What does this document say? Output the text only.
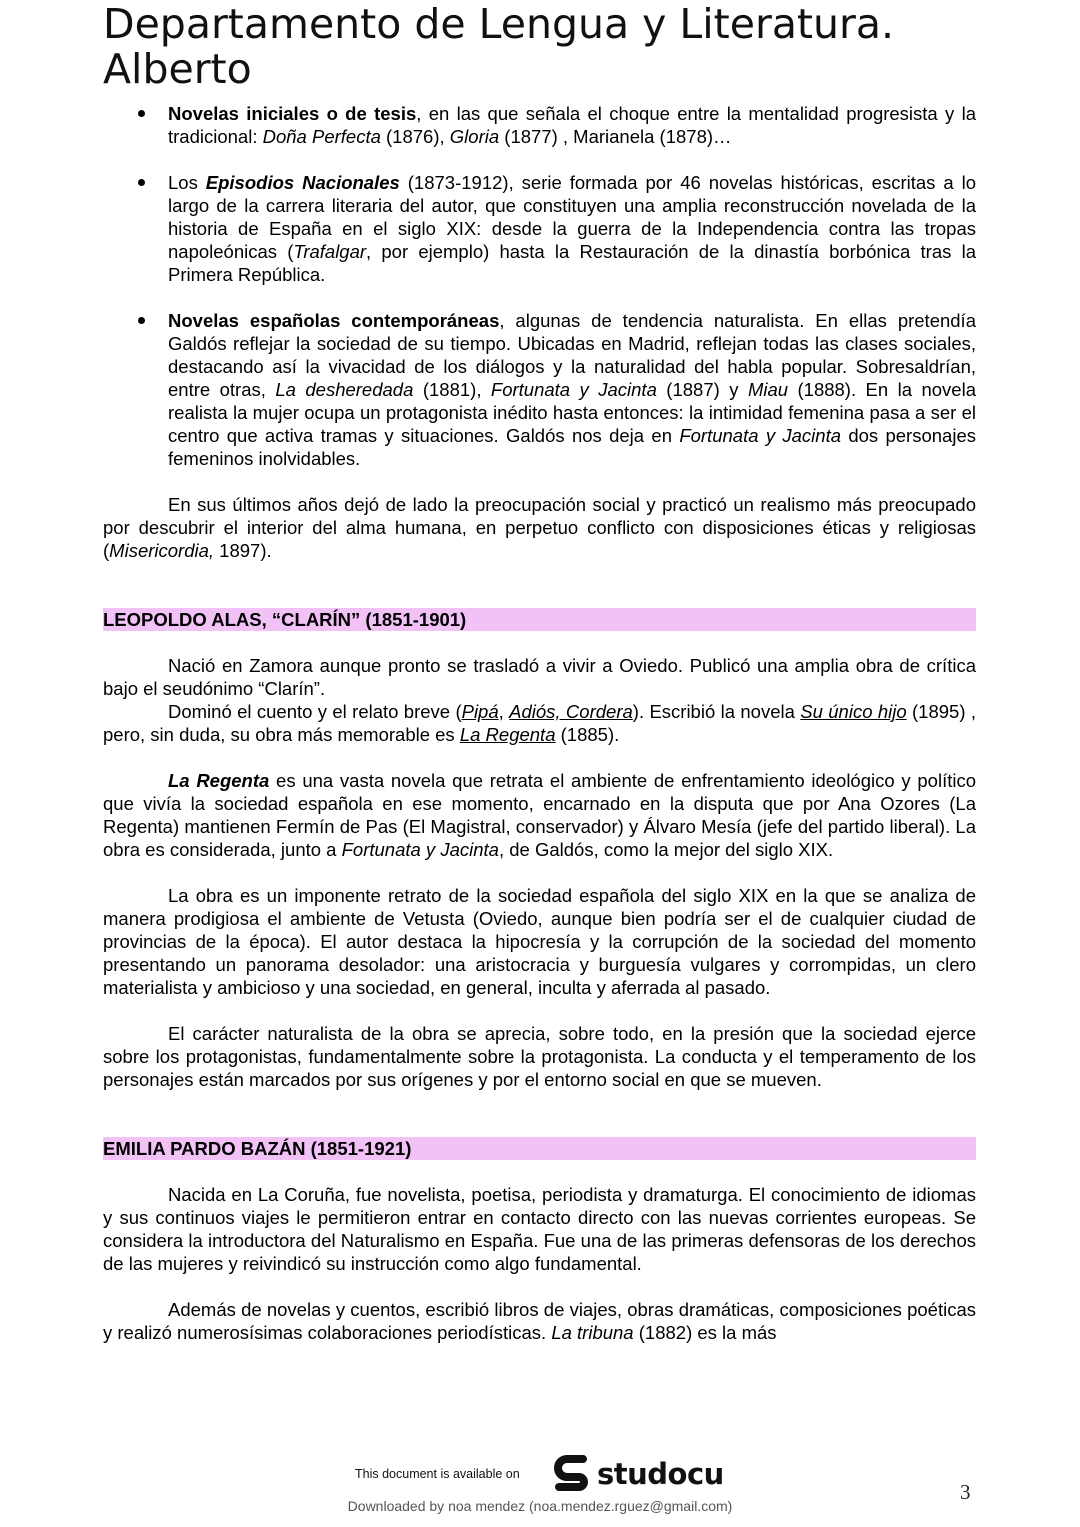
Departamento de Lengua y Literatura.
Alberto
Novelas iniciales o de tesis, en las que señala el choque entre la mentalidad progresista y la tradicional: Doña Perfecta (1876), Gloria (1877) , Marianela (1878)…
Los Episodios Nacionales (1873-1912), serie formada por 46 novelas históricas, escritas a lo largo de la carrera literaria del autor, que constituyen una amplia reconstrucción novelada de la historia de España en el siglo XIX: desde la guerra de la Independencia contra las tropas napoleónicas (Trafalgar, por ejemplo) hasta la Restauración de la dinastía borbónica tras la Primera República.
Novelas españolas contemporáneas, algunas de tendencia naturalista. En ellas pretendía Galdós reflejar la sociedad de su tiempo. Ubicadas en Madrid, reflejan todas las clases sociales, destacando así la vivacidad de los diálogos y la naturalidad del habla popular. Sobresaldrían, entre otras, La desheredada (1881), Fortunata y Jacinta (1887) y Miau (1888). En la novela realista la mujer ocupa un protagonista inédito hasta entonces: la intimidad femenina pasa a ser el centro que activa tramas y situaciones. Galdós nos deja en Fortunata y Jacinta dos personajes femeninos inolvidables.

En sus últimos años dejó de lado la preocupación social y practicó un realismo más preocupado por descubrir el interior del alma humana, en perpetuo conflicto con disposiciones éticas y religiosas (Misericordia, 1897).

LEOPOLDO ALAS, “CLARÍN” (1851-1901)

Nació en Zamora aunque pronto se trasladó a vivir a Oviedo. Publicó una amplia obra de crítica bajo el seudónimo “Clarín”.

Dominó el cuento y el relato breve (Pipá, Adiós, Cordera). Escribió la novela Su único hijo (1895) , pero, sin duda, su obra más memorable es La Regenta (1885).

La Regenta es una vasta novela que retrata el ambiente de enfrentamiento ideológico y político que vivía la sociedad española en ese momento, encarnado en la disputa que por Ana Ozores (La Regenta) mantienen Fermín de Pas (El Magistral, conservador) y Álvaro Mesía (jefe del partido liberal). La obra es considerada, junto a Fortunata y Jacinta, de Galdós, como la mejor del siglo XIX.

La obra es un imponente retrato de la sociedad española del siglo XIX en la que se analiza de manera prodigiosa el ambiente de Vetusta (Oviedo, aunque bien podría ser el de cualquier ciudad de provincias de la época). El autor destaca la hipocresía y la corrupción de la sociedad del momento presentando un panorama desolador: una aristocracia y burguesía vulgares y corrompidas, un clero materialista y ambicioso y una sociedad, en general, inculta y aferrada al pasado.

El carácter naturalista de la obra se aprecia, sobre todo, en la presión que la sociedad ejerce sobre los protagonistas, fundamentalmente sobre la protagonista. La conducta y el temperamento de los personajes están marcados por sus orígenes y por el entorno social en que se mueven.

EMILIA PARDO BAZÁN (1851-1921)

Nacida en La Coruña, fue novelista, poetisa, periodista y dramaturga. El conocimiento de idiomas y sus continuos viajes le permitieron entrar en contacto directo con las nuevas corrientes europeas. Se considera la introductora del Naturalismo en España. Fue una de las primeras defensoras de los derechos de las mujeres y reivindicó su instrucción como algo fundamental.

Además de novelas y cuentos, escribió libros de viajes, obras dramáticas, composiciones poéticas y realizó numerosísimas colaboraciones periodísticas. La tribuna (1882) es la más

This document is available on	studocu
Downloaded by noa mendez (noa.mendez.rguez@gmail.com)
3
